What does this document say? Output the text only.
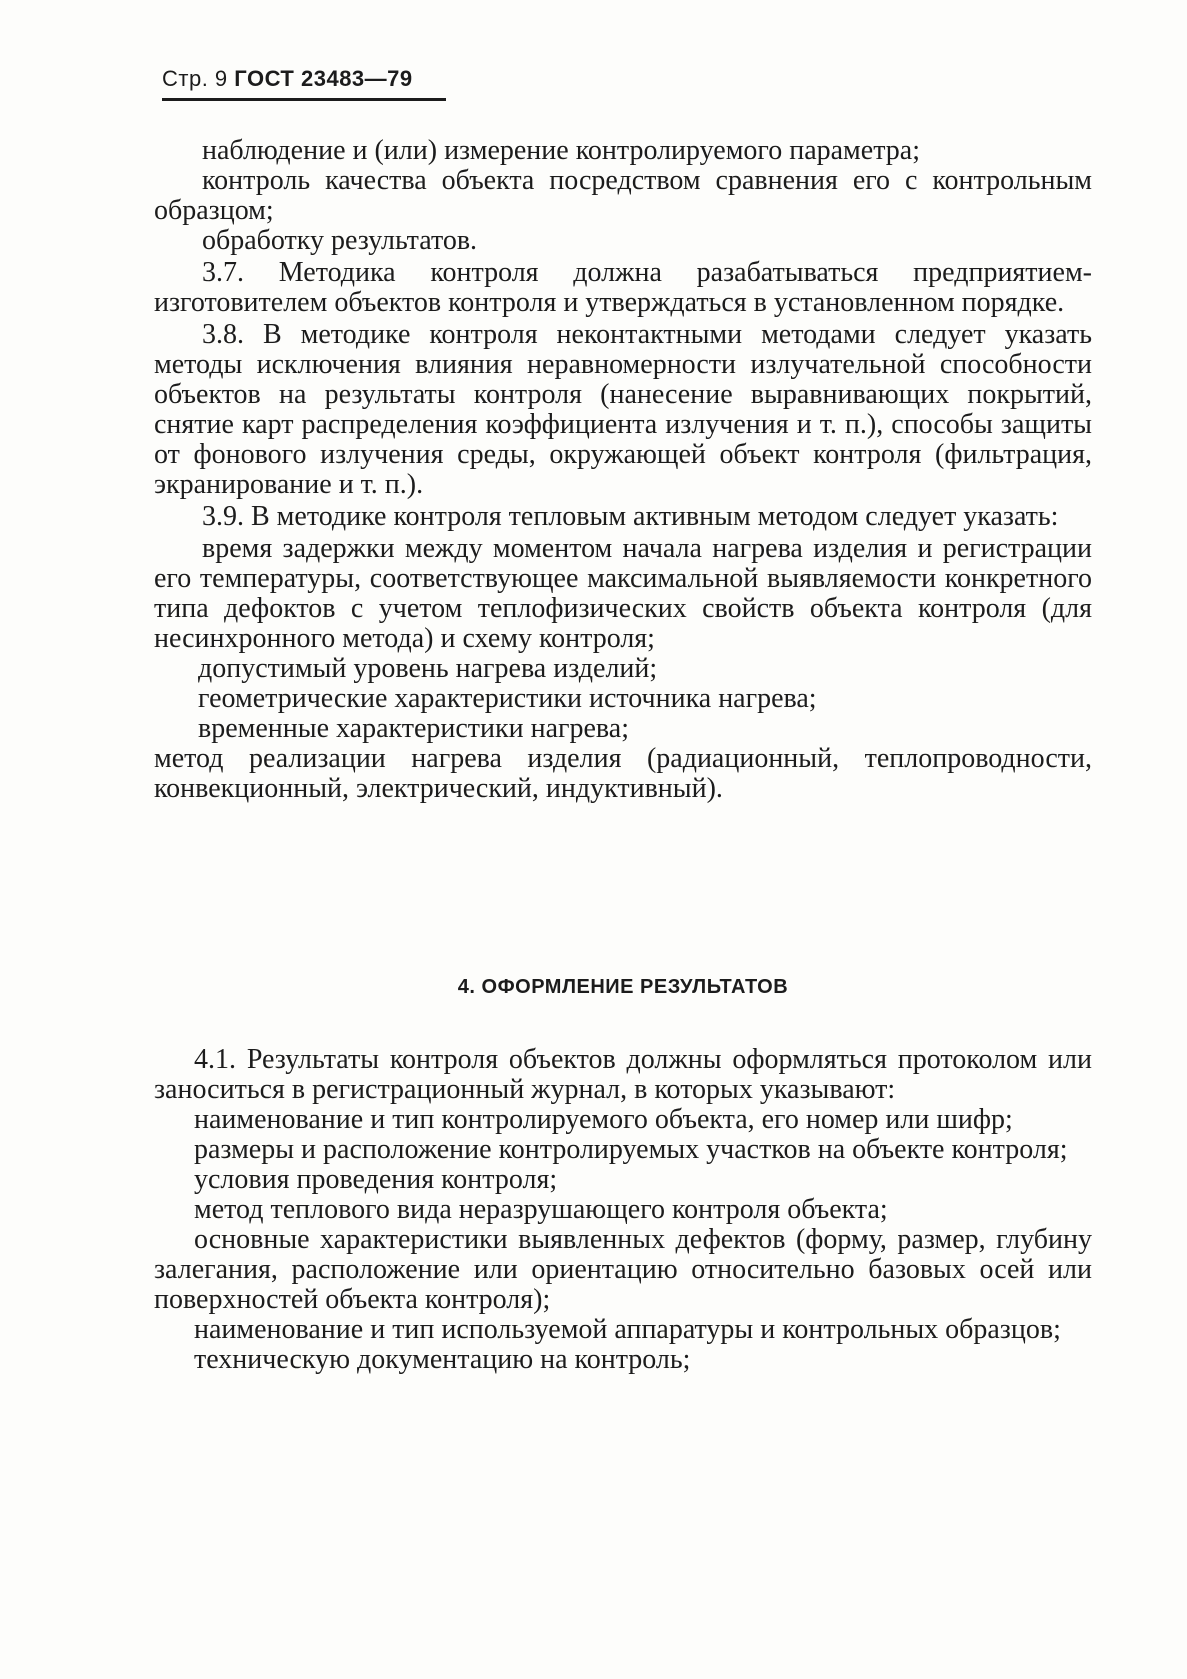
Стр. 9 ГОСТ 23483—79

наблюдение и (или) измерение контролируемого параметра;

контроль качества объекта посредством сравнения его с контрольным образцом;

обработку результатов.

3.7. Методика контроля должна разабатываться предприятием-изготовителем объектов контроля и утверждаться в установленном порядке.

3.8. В методике контроля неконтактными методами следует указать методы исключения влияния неравномерности излучательной способности объектов на результаты контроля (нанесение выравнивающих покрытий, снятие карт распределения коэффициента излучения и т. п.), способы защиты от фонового излучения среды, окружающей объект контроля (фильтрация, экранирование и т. п.).

3.9. В методике контроля тепловым активным методом следует указать:

время задержки между моментом начала нагрева изделия и регистрации его температуры, соответствующее максимальной выявляемости конкретного типа дефоктов с учетом теплофизических свойств объекта контроля (для несинхронного метода) и схему контроля;

допустимый уровень нагрева изделий;

геометрические характеристики источника нагрева;

временные характеристики нагрева;

метод реализации нагрева изделия (радиационный, теплопроводности, конвекционный, электрический, индуктивный).

4. ОФОРМЛЕНИЕ РЕЗУЛЬТАТОВ

4.1. Результаты контроля объектов должны оформляться протоколом или заноситься в регистрационный журнал, в которых указывают:

наименование и тип контролируемого объекта, его номер или шифр;

размеры и расположение контролируемых участков на объекте контроля;

условия проведения контроля;

метод теплового вида неразрушающего контроля объекта;

основные характеристики выявленных дефектов (форму, размер, глубину залегания, расположение или ориентацию относительно базовых осей или поверхностей объекта контроля);

наименование и тип используемой аппаратуры и контрольных образцов;

техническую документацию на контроль;
